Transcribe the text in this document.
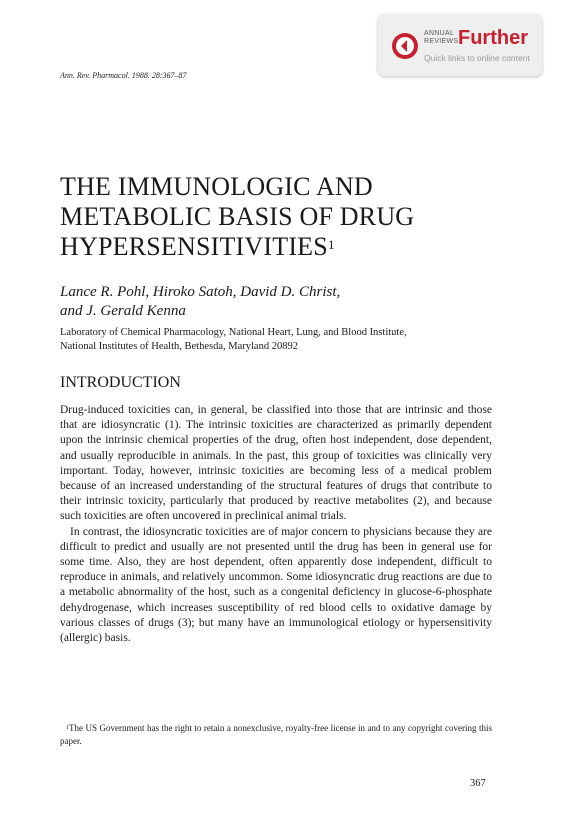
ANNUAL
REVIEWS Further
Quick links to online content
Ann. Rev. Pharmacol. 1988. 28:367–87
THE IMMUNOLOGIC AND
METABOLIC BASIS OF DRUG
HYPERSENSITIVITIES$^1$
Lance R. Pohl, Hiroko Satoh, David D. Christ,
and J. Gerald Kenna
Laboratory of Chemical Pharmacology, National Heart, Lung, and Blood Institute,
National Institutes of Health, Bethesda, Maryland 20892
INTRODUCTION

Drug-induced toxicities can, in general, be classified into those that are intrinsic and those that are idiosyncratic (1). The intrinsic toxicities are characterized as primarily dependent upon the intrinsic chemical properties of the drug, often host independent, dose dependent, and usually reproducible in animals. In the past, this group of toxicities was clinically very important. Today, however, intrinsic toxicities are becoming less of a medical problem because of an increased understanding of the structural features of drugs that contribute to their intrinsic toxicity, particularly that produced by reactive metabolites (2), and because such toxicities are often uncovered in preclinical animal trials.

In contrast, the idiosyncratic toxicities are of major concern to physicians because they are difficult to predict and usually are not presented until the drug has been in general use for some time. Also, they are host dependent, often apparently dose independent, difficult to reproduce in animals, and relatively uncommon. Some idiosyncratic drug reactions are due to a metabolic abnormality of the host, such as a congenital deficiency in glucose-6-phosphate dehydrogenase, which increases susceptibility of red blood cells to oxidative damage by various classes of drugs (3); but many have an immunological etiology or hypersensitivity (allergic) basis.

$^1$The US Government has the right to retain a nonexclusive, royalty-free license in and to any copyright covering this paper.
367
